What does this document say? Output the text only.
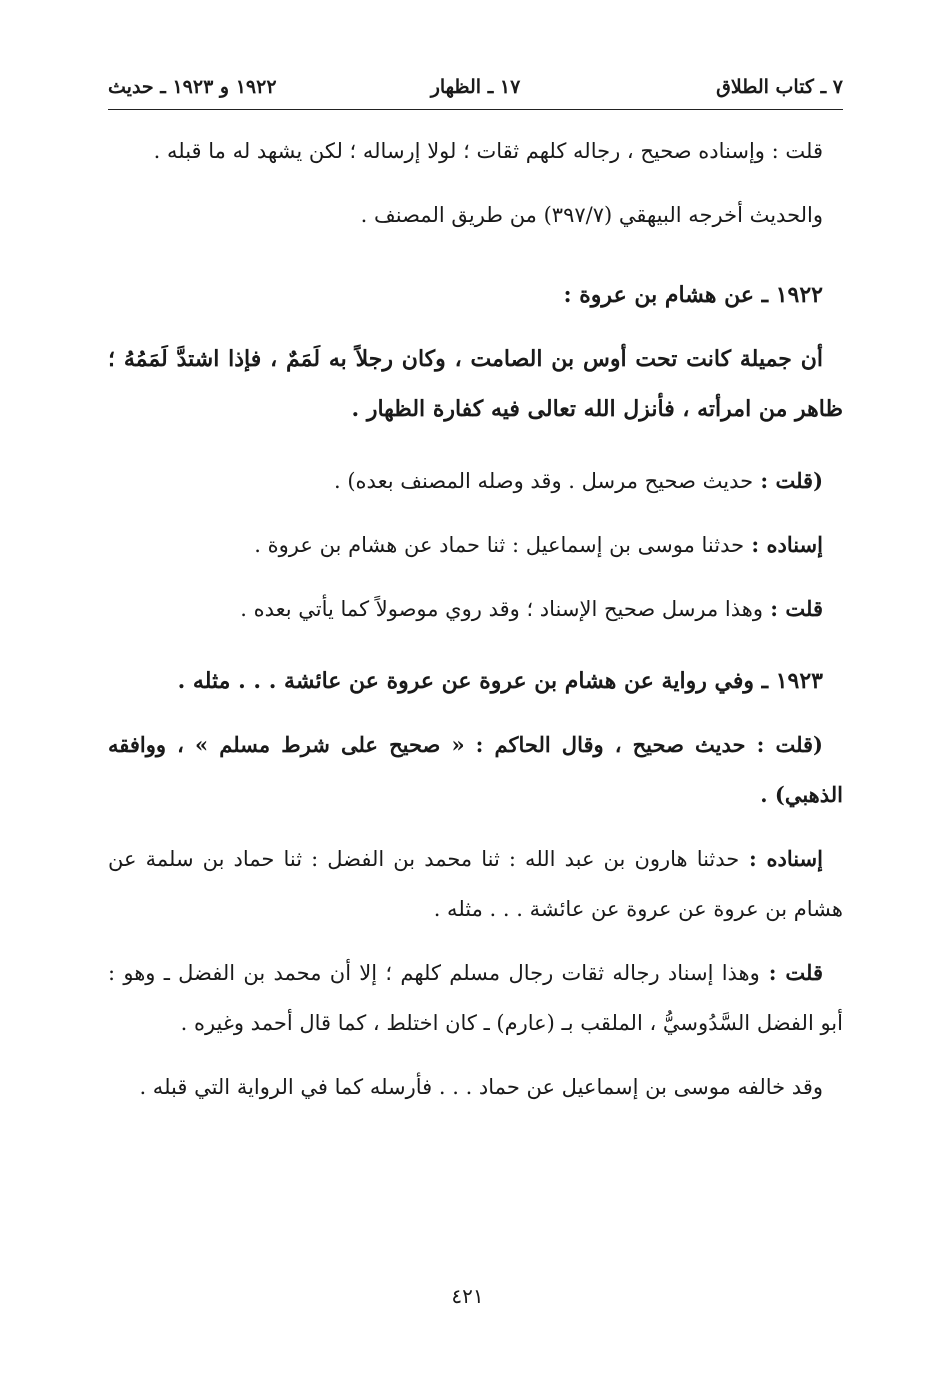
٧ ـ كتاب الطلاق
١٧ ـ الظهار
١٩٢٢ و ١٩٢٣ ـ حديث

قلت : وإسناده صحيح ، رجاله كلهم ثقات ؛ لولا إرساله ؛ لكن يشهد له ما قبله .

والحديث أخرجه البيهقي (٣٩٧/٧) من طريق المصنف .

١٩٢٢ ـ عن هشام بن عروة :

أن جميلة كانت تحت أوس بن الصامت ، وكان رجلاً به لَمَمٌ ، فإذا اشتدَّ لَمَمُهُ ؛ ظاهر من امرأته ، فأنزل الله تعالى فيه كفارة الظهار .

(قلت : حديث صحيح مرسل . وقد وصله المصنف بعده) .

إسناده : حدثنا موسى بن إسماعيل : ثنا حماد عن هشام بن عروة .

قلت : وهذا مرسل صحيح الإسناد ؛ وقد روي موصولاً كما يأتي بعده .

١٩٢٣ ـ وفي رواية عن هشام بن عروة عن عروة عن عائشة . . . مثله .

(قلت : حديث صحيح ، وقال الحاكم : « صحيح على شرط مسلم » ، ووافقه الذهبي) .

إسناده : حدثنا هارون بن عبد الله : ثنا محمد بن الفضل : ثنا حماد بن سلمة عن هشام بن عروة عن عروة عن عائشة . . . مثله .

قلت : وهذا إسناد رجاله ثقات رجال مسلم كلهم ؛ إلا أن محمد بن الفضل ـ وهو : أبو الفضل السَّدُوسيُّ ، الملقب بـ (عارم) ـ كان اختلط ، كما قال أحمد وغيره .

وقد خالفه موسى بن إسماعيل عن حماد . . . فأرسله كما في الرواية التي قبله .

٤٢١
